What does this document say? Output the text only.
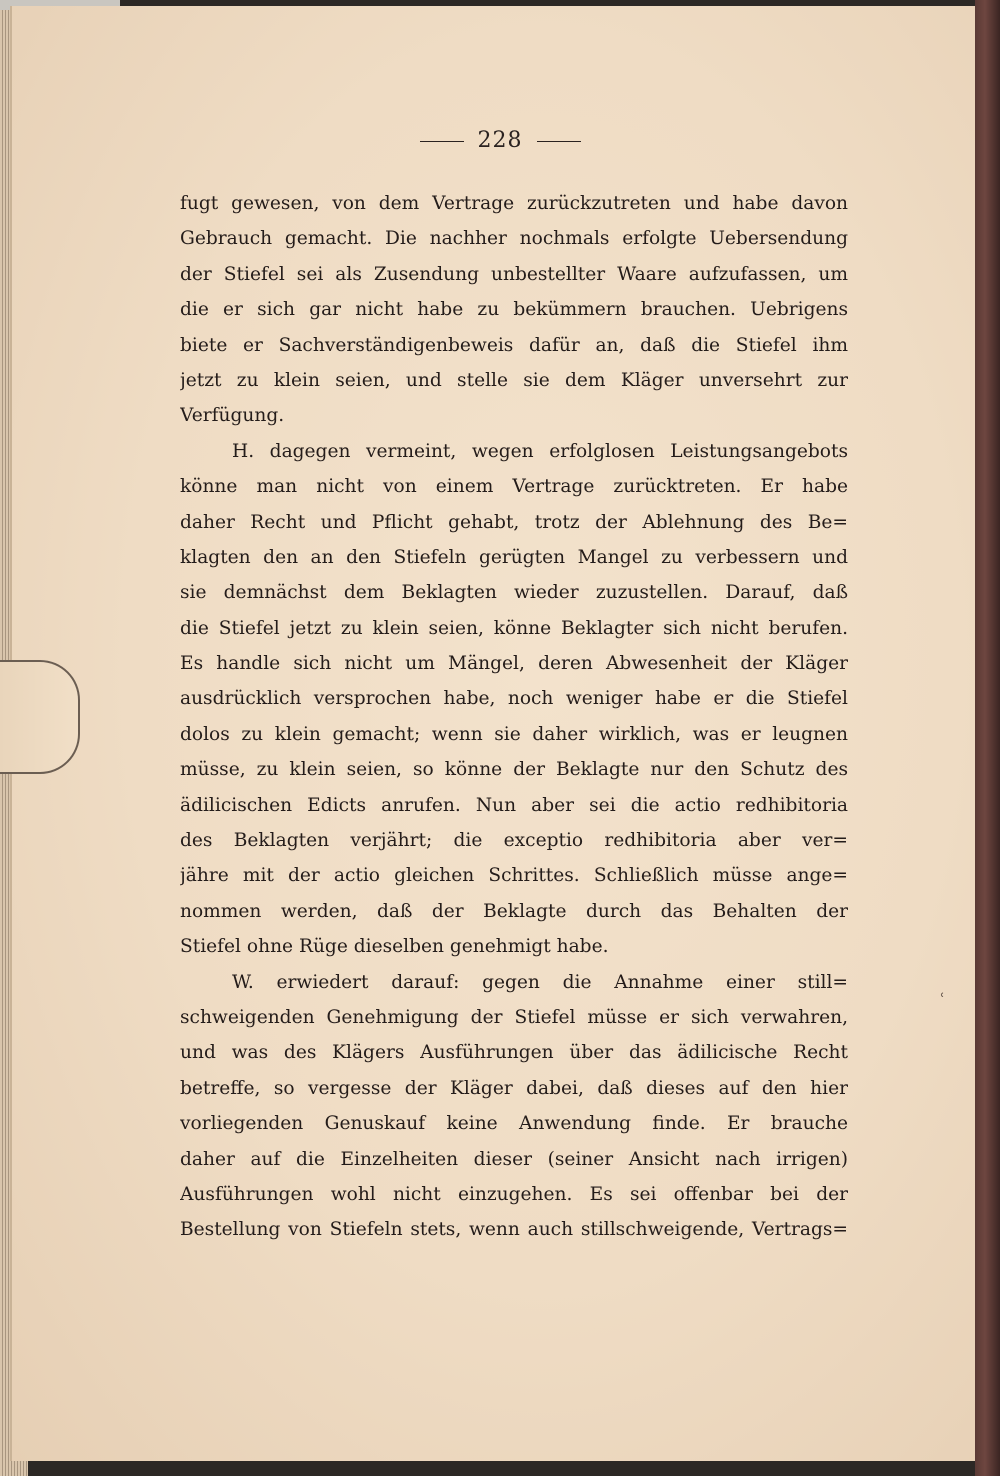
228
fugt gewesen, von dem Vertrage zurückzutreten und habe davon
Gebrauch gemacht. Die nachher nochmals erfolgte Uebersendung
der Stiefel sei als Zusendung unbestellter Waare aufzufassen, um
die er sich gar nicht habe zu bekümmern brauchen. Uebrigens
biete er Sachverständigenbeweis dafür an, daß die Stiefel ihm
jetzt zu klein seien, und stelle sie dem Kläger unversehrt zur
Verfügung.
H. dagegen vermeint, wegen erfolglosen Leistungsangebots
könne man nicht von einem Vertrage zurücktreten. Er habe
daher Recht und Pflicht gehabt, trotz der Ablehnung des Be=
klagten den an den Stiefeln gerügten Mangel zu verbessern und
sie demnächst dem Beklagten wieder zuzustellen. Darauf, daß
die Stiefel jetzt zu klein seien, könne Beklagter sich nicht berufen.
Es handle sich nicht um Mängel, deren Abwesenheit der Kläger
ausdrücklich versprochen habe, noch weniger habe er die Stiefel
dolos zu klein gemacht; wenn sie daher wirklich, was er leugnen
müsse, zu klein seien, so könne der Beklagte nur den Schutz des
ädilicischen Edicts anrufen. Nun aber sei die actio redhibitoria
des Beklagten verjährt; die exceptio redhibitoria aber ver=
jähre mit der actio gleichen Schrittes. Schließlich müsse ange=
nommen werden, daß der Beklagte durch das Behalten der
Stiefel ohne Rüge dieselben genehmigt habe.
W. erwiedert darauf: gegen die Annahme einer still=
schweigenden Genehmigung der Stiefel müsse er sich verwahren,
und was des Klägers Ausführungen über das ädilicische Recht
betreffe, so vergesse der Kläger dabei, daß dieses auf den hier
vorliegenden Genuskauf keine Anwendung finde. Er brauche
daher auf die Einzelheiten dieser (seiner Ansicht nach irrigen)
Ausführungen wohl nicht einzugehen. Es sei offenbar bei der
Bestellung von Stiefeln stets, wenn auch stillschweigende, Vertrags=
ʿ
